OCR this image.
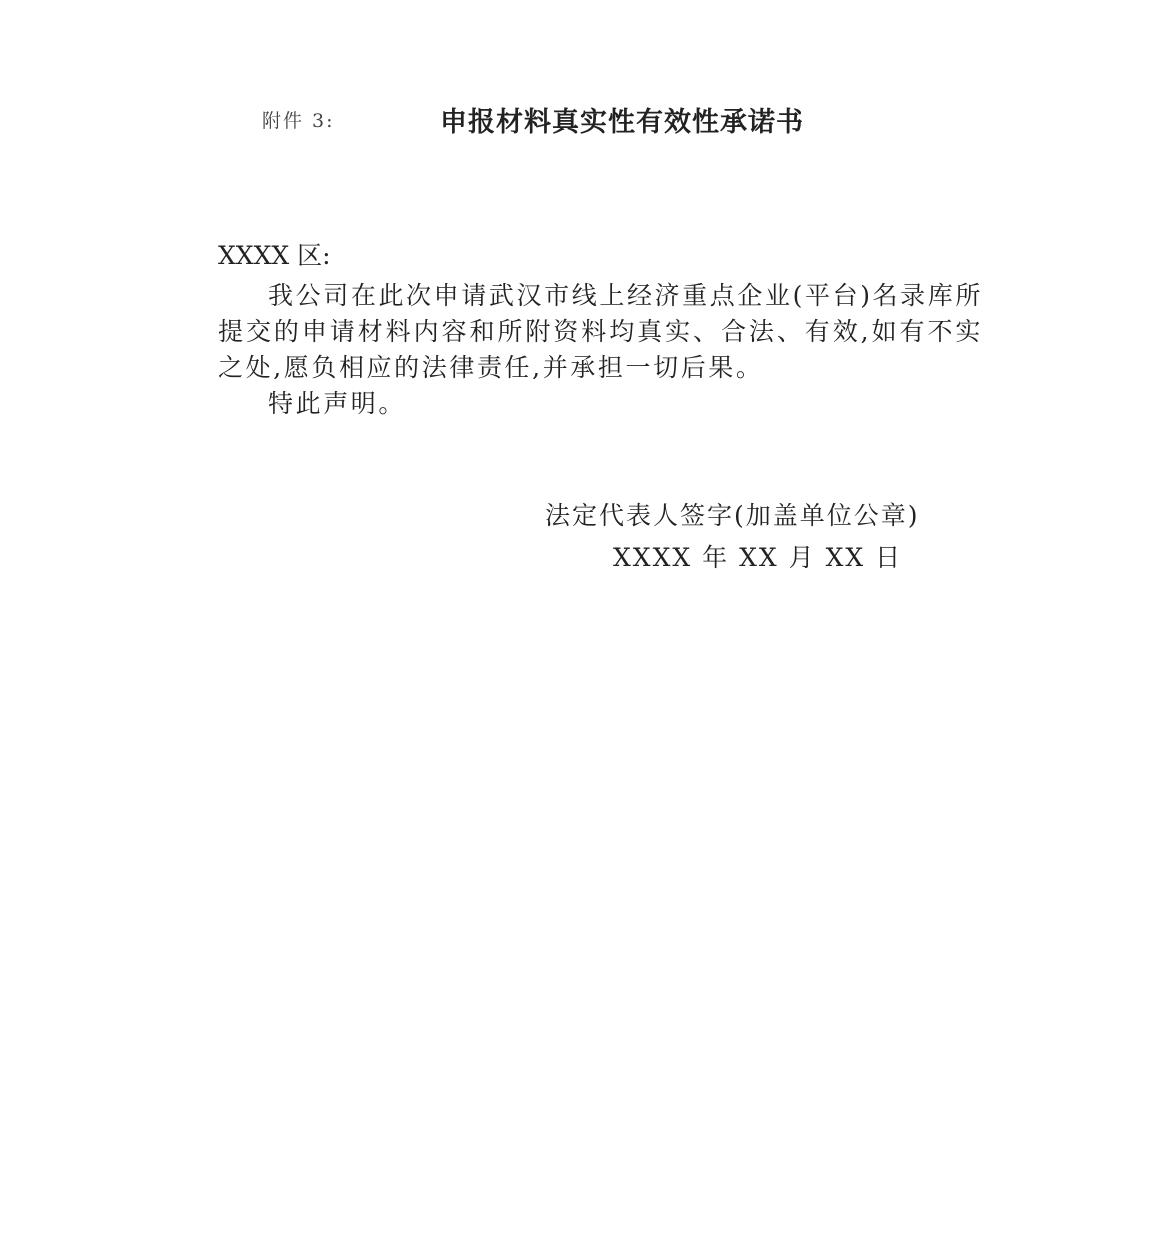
附件 3:	申报材料真实性有效性承诺书
XXXX 区:

我公司在此次申请武汉市线上经济重点企业(平台)名录库所提交的申请材料内容和所附资料均真实、合法、有效,如有不实之处,愿负相应的法律责任,并承担一切后果。

特此声明。

法定代表人签字(加盖单位公章)
XXXX 年 XX 月 XX 日
